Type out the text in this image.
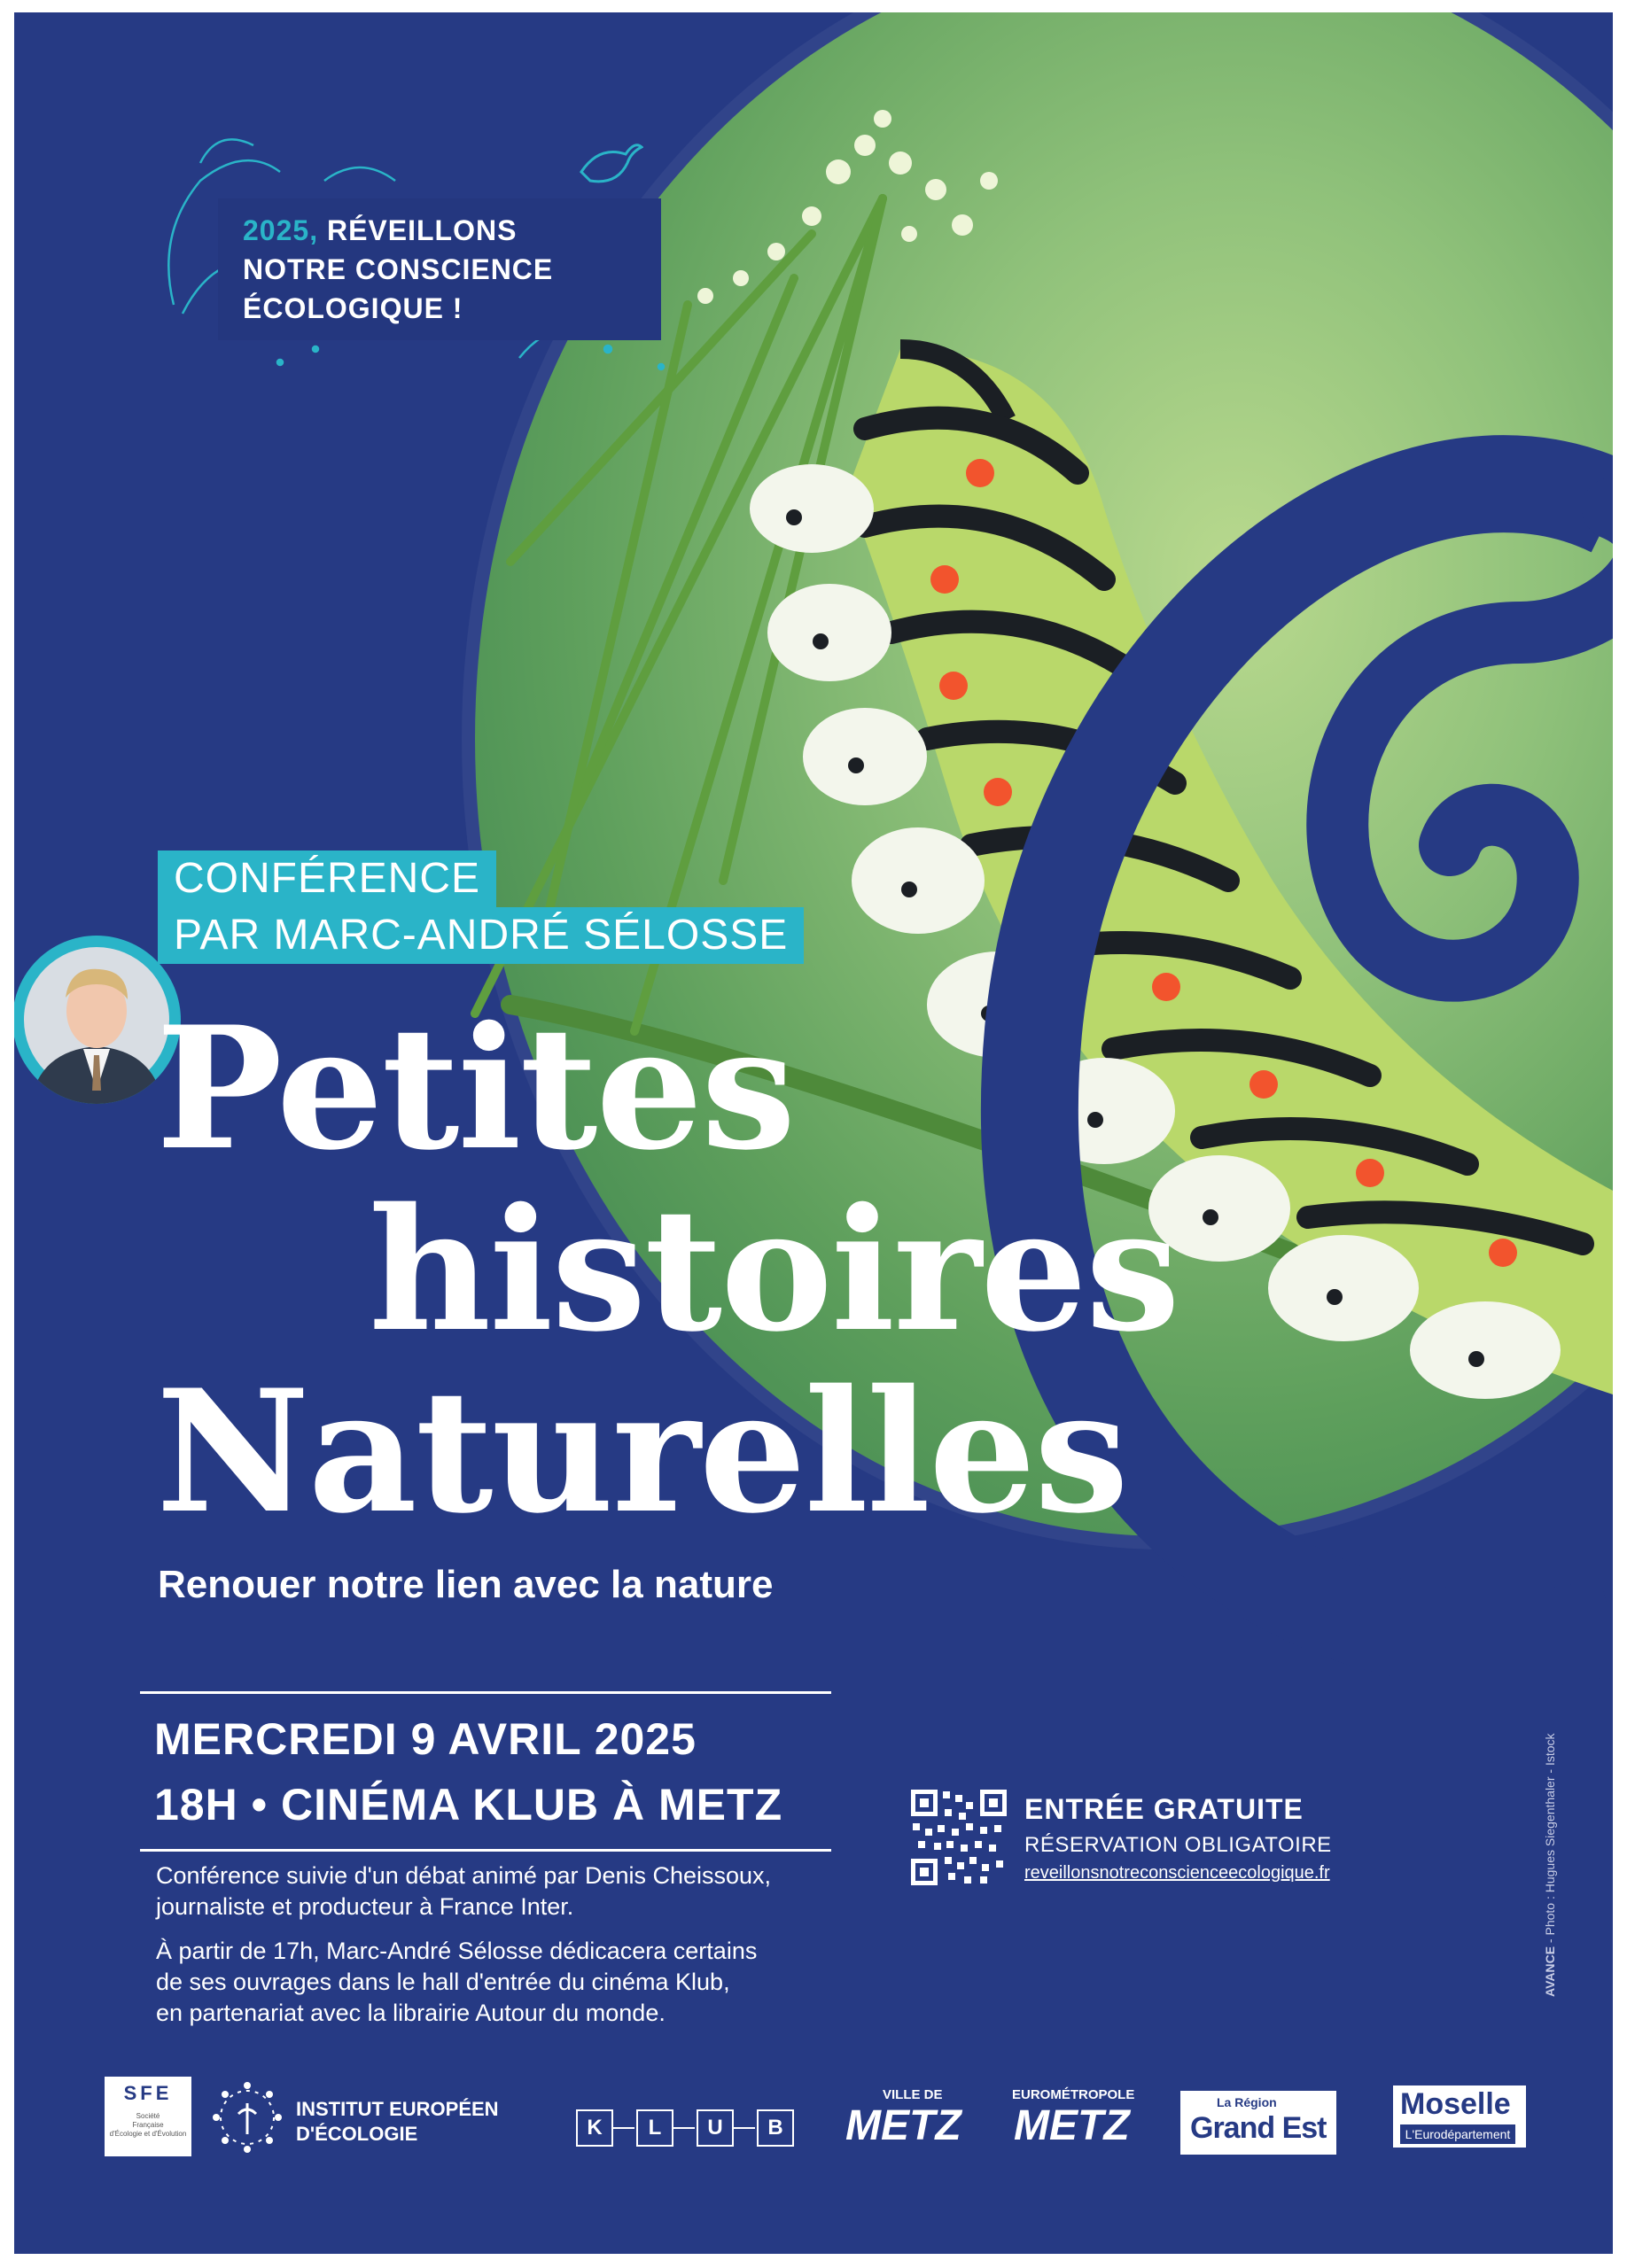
2025, RÉVEILLONS
NOTRE CONSCIENCE
ÉCOLOGIQUE !
CONFÉRENCE
PAR MARC-ANDRÉ SÉLOSSE
Petites
histoires
Naturelles
Renouer notre lien avec la nature
MERCREDI 9 AVRIL 2025
18H • CINÉMA KLUB À METZ
Conférence suivie d'un débat animé par Denis Cheissoux,
journaliste et producteur à France Inter.
À partir de 17h, Marc-André Sélosse dédicacera certains
de ses ouvrages dans le hall d'entrée du cinéma Klub,
en partenariat avec la librairie Autour du monde.
ENTRÉE GRATUITE
RÉSERVATION OBLIGATOIRE
reveillonsnotreconscienceecologique.fr
AVANCE - Photo : Hugues Siegenthaler - Istock
SFE
Société
Française
d'Écologie et d'Évolution
INSTITUT EUROPÉEN
D'ÉCOLOGIE	K	L	U	B
VILLE DE
METZ
EUROMÉTROPOLE
METZ	La Région
Grand Est
Moselle
L'Eurodépartement
